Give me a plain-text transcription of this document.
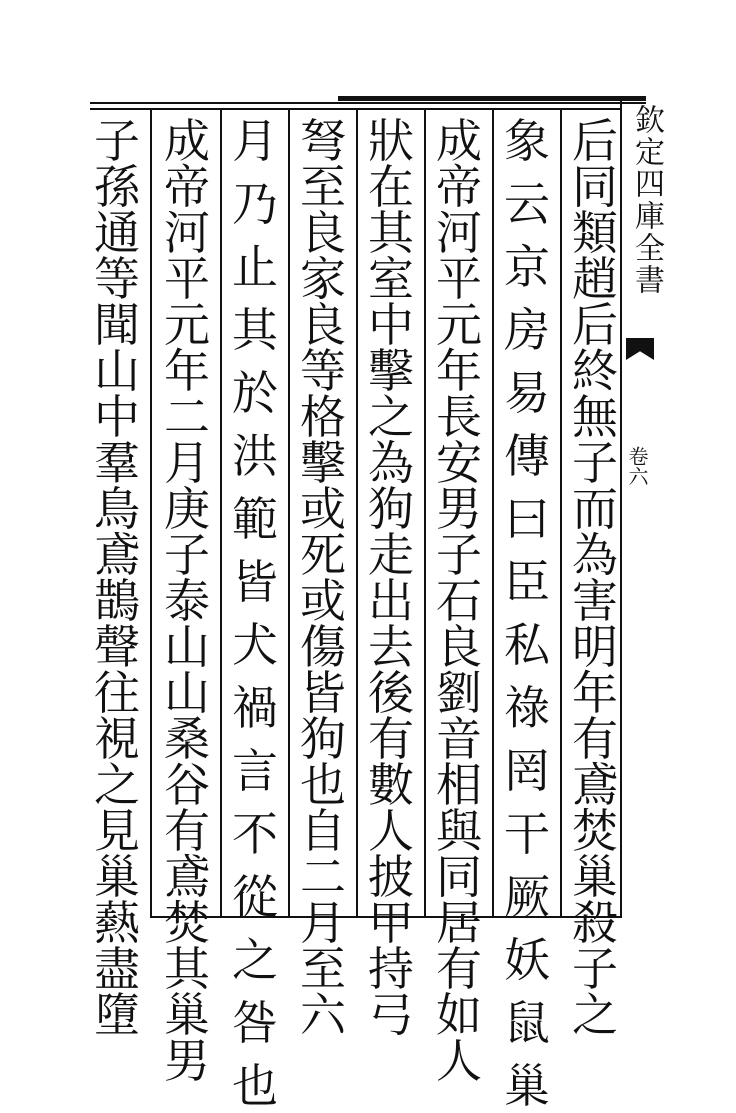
欽定四庫全書
卷六
后
同
類
趙
后
終
無
子
而
為
害
明
年
有
鳶
焚
巢
殺
子
之
象
云
京
房
易
傳
曰
臣
私
祿
罔
干
厥
妖
鼠
巢
成
帝
河
平
元
年
長
安
男
子
石
良
劉
音
相
與
同
居
有
如
人
狀
在
其
室
中
擊
之
為
狗
走
出
去
後
有
數
人
披
甲
持
弓
弩
至
良
家
良
等
格
擊
或
死
或
傷
皆
狗
也
自
二
月
至
六
月
乃
止
其
於
洪
範
皆
犬
禍
言
不
從
之
咎
也
成
帝
河
平
元
年
二
月
庚
子
泰
山
山
桑
谷
有
鳶
焚
其
巢
男
子
孫
通
等
聞
山
中
羣
鳥
鳶
鵲
聲
往
視
之
見
巢
爇
盡
墮
